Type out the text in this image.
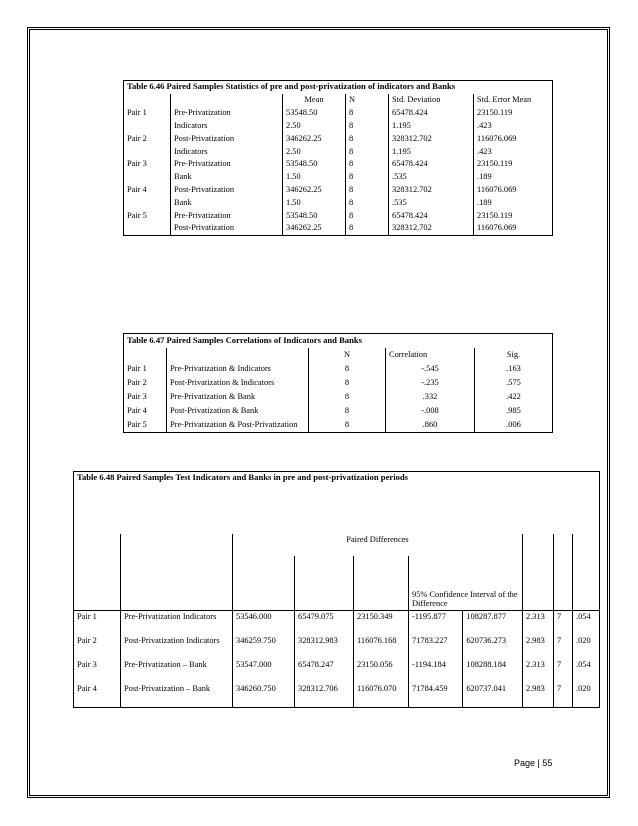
Table 6.46 Paired Samples Statistics of pre and post-privatization of indicators and Banks					
		Mean	N	Std. Deviation	Std. Error Mean
Pair 1	Pre-Privatization	53548.50	8	65478.424	23150.119
	Indicators	2.50	8	1.195	.423
Pair 2	Post-Privatization	346262.25	8	328312.702	116076.069
	Indicators	2.50	8	1.195	.423
Pair 3	Pre-Privatization	53548.50	8	65478.424	23150.119
	Bank	1.50	8	.535	.189
Pair 4	Post-Privatization	346262.25	8	328312.702	116076.069
	Bank	1.50	8	.535	.189
Pair 5	Pre-Privatization	53548.50	8	65478.424	23150.119
	Post-Privatization	346262.25	8	328312.702	116076.069
Table 6.47 Paired Samples Correlations of Indicators and Banks				
		N	Correlation	Sig.
Pair 1	Pre-Privatization & Indicators	8	-.545	.163
Pair 2	Post-Privatization & Indicators	8	-.235	.575
Pair 3	Pre-Privatization & Bank	8	.332	.422
Pair 4	Post-Privatization & Bank	8	-.008	.985
Pair 5	Pre-Privatization & Post-Privatization	8	.860	.006
Table 6.48 Paired Samples Test Indicators and Banks in pre and post-privatization periods									
		Paired Differences							
					95% Confidence Interval of the Difference				
Pair 1	Pre-Privatization Indicators	53546.000	65479.075	23150.349	-1195.877	108287.877	2.313	7	.054
Pair 2	Post-Privatization Indicators	346259.750	328312.983	116076.168	71783.227	620736.273	2.983	7	.020
Pair 3	Pre-Privatization – Bank	53547.000	65478.247	23150.056	-1194.184	108288.184	2.313	7	.054
Pair 4	Post-Privatization – Bank	346260.750	328312.706	116076.070	71784.459	620737.041	2.983	7	.020
Page | 55
